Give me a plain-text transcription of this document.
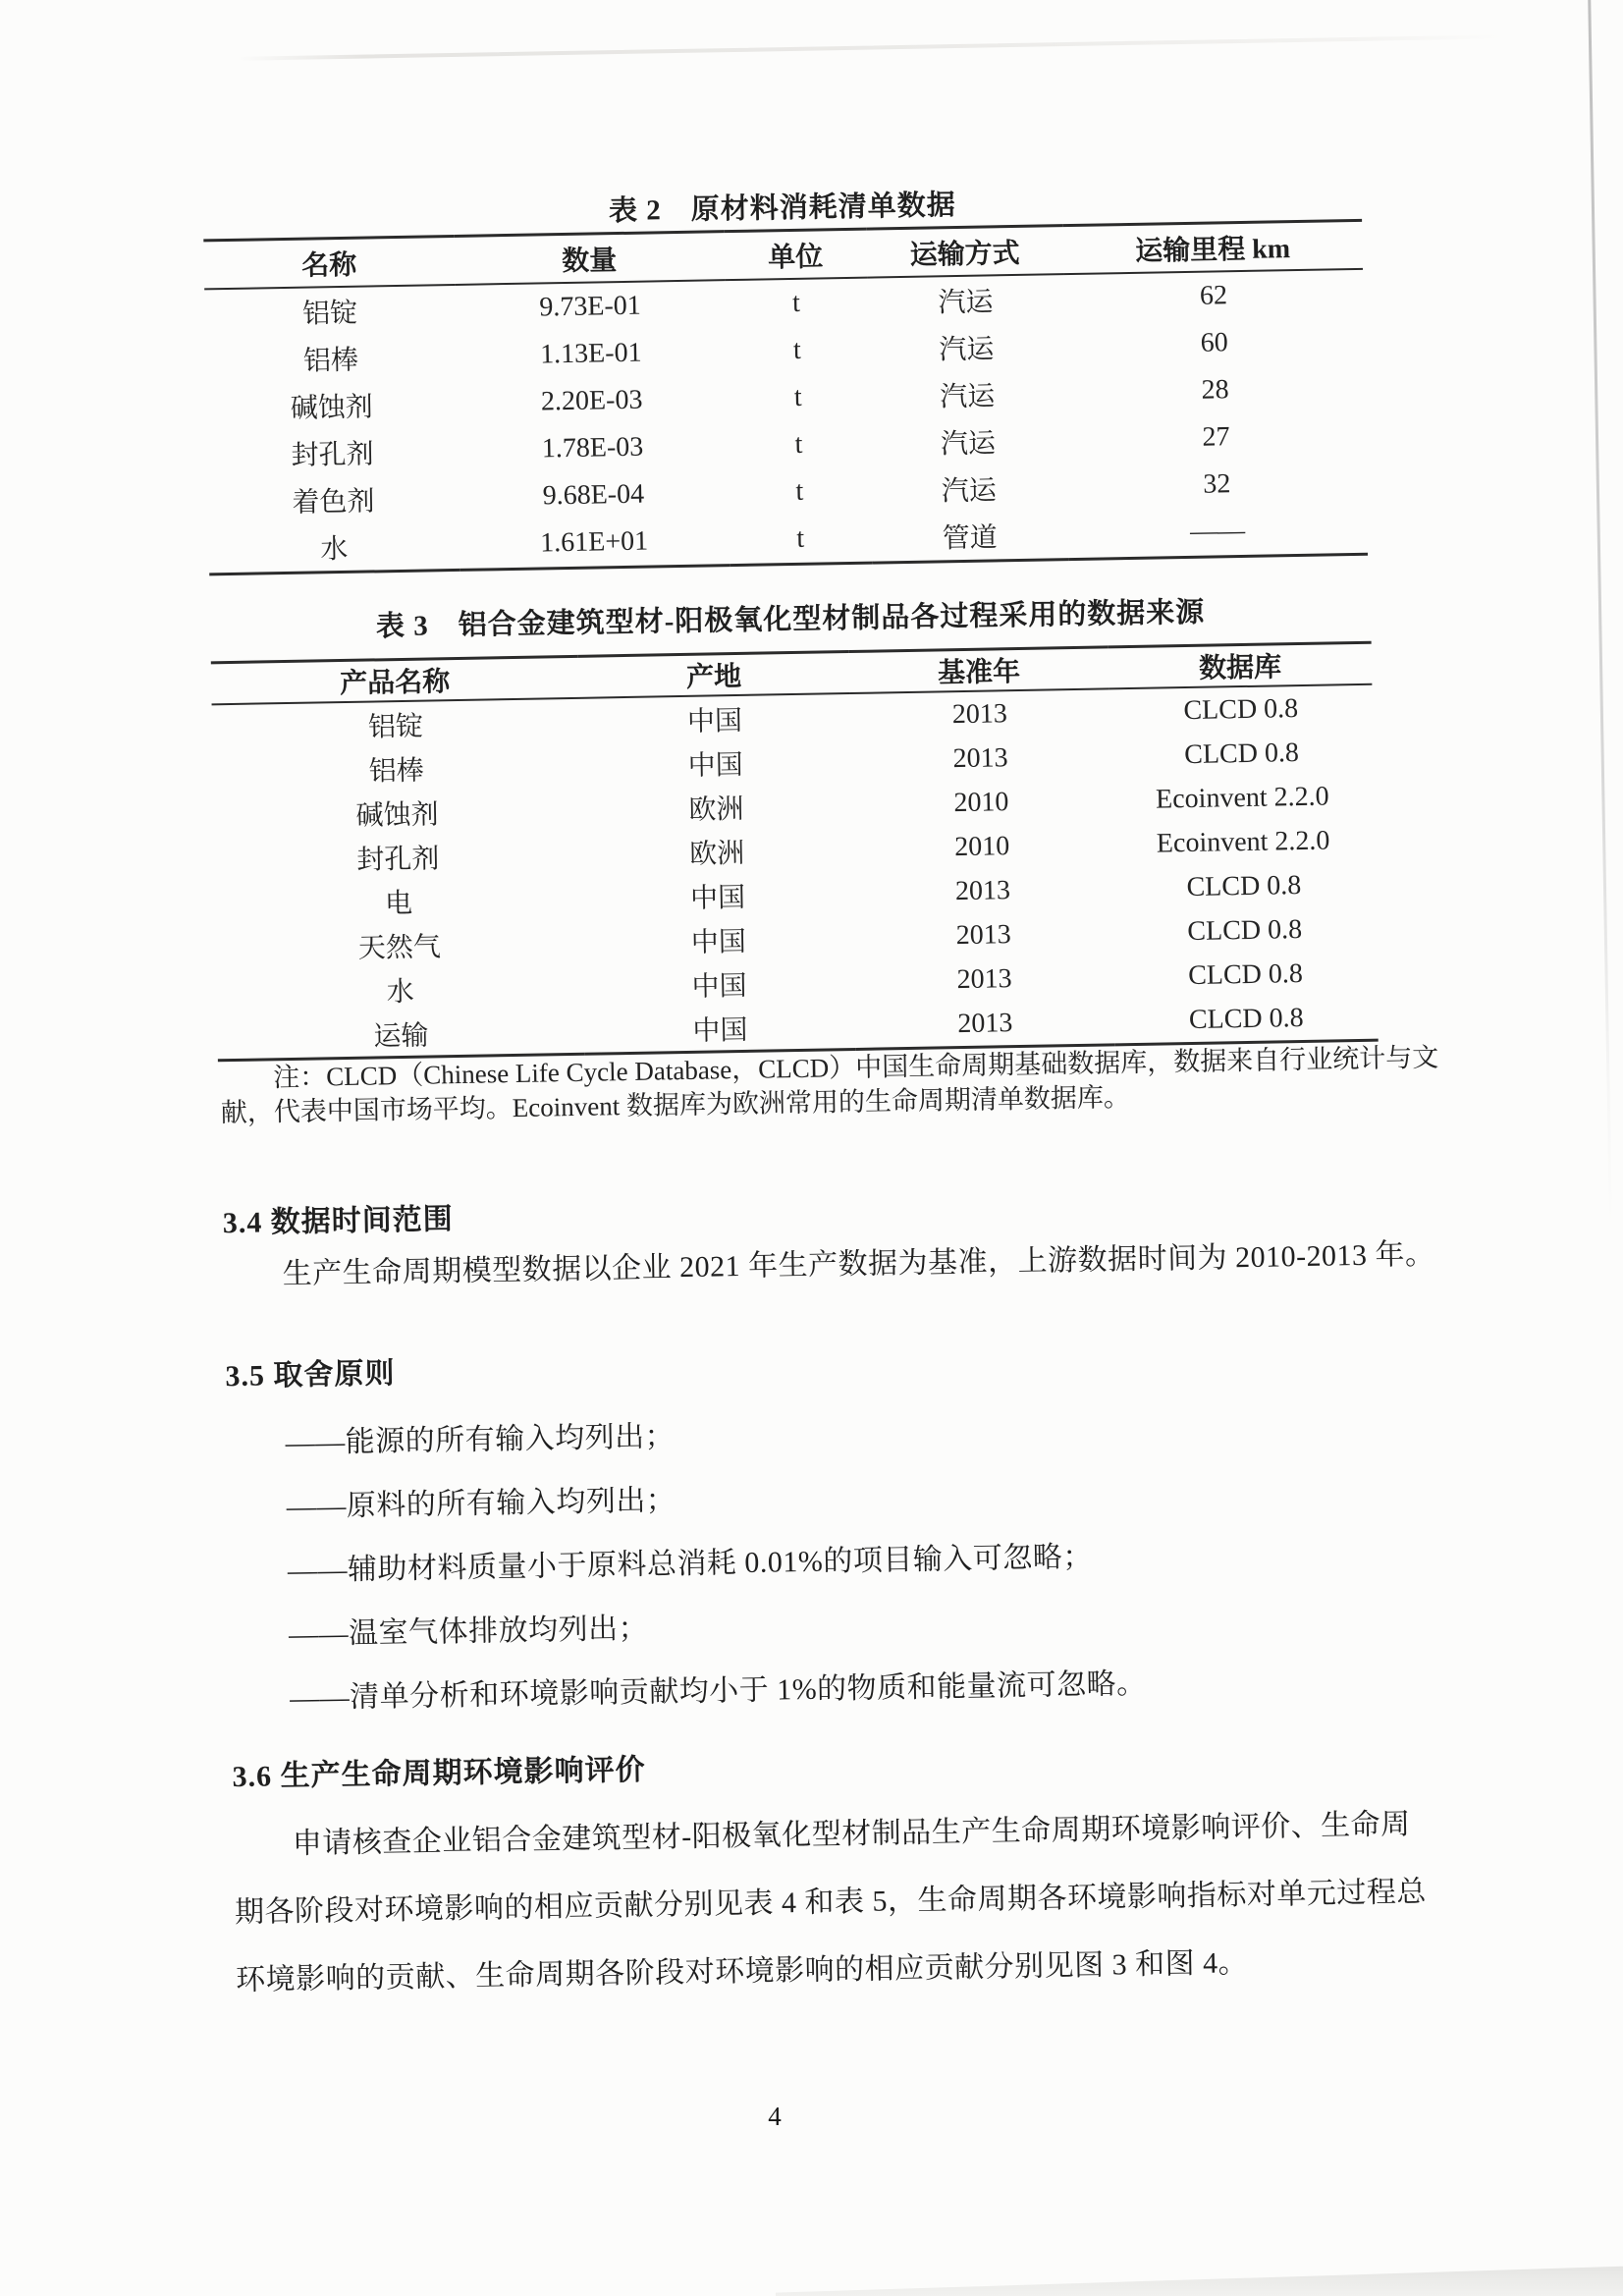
表 2　原材料消耗清单数据
名称	数量	单位	运输方式	运输里程 km
铝锭	9.73E-01	t	汽运	62
铝棒	1.13E-01	t	汽运	60
碱蚀剂	2.20E-03	t	汽运	28
封孔剂	1.78E-03	t	汽运	27
着色剂	9.68E-04	t	汽运	32
水	1.61E+01	t	管道	——
表 3　铝合金建筑型材-阳极氧化型材制品各过程采用的数据来源
产品名称	产地	基准年	数据库
铝锭	中国	2013	CLCD 0.8
铝棒	中国	2013	CLCD 0.8
碱蚀剂	欧洲	2010	Ecoinvent 2.2.0
封孔剂	欧洲	2010	Ecoinvent 2.2.0
电	中国	2013	CLCD 0.8
天然气	中国	2013	CLCD 0.8
水	中国	2013	CLCD 0.8
运输	中国	2013	CLCD 0.8
注：CLCD（Chinese Life Cycle Database，CLCD）中国生命周期基础数据库，数据来自行业统计与文
献，代表中国市场平均。Ecoinvent 数据库为欧洲常用的生命周期清单数据库。
3.4 数据时间范围
生产生命周期模型数据以企业 2021 年生产数据为基准，上游数据时间为 2010-2013 年。
3.5 取舍原则
——能源的所有输入均列出；
——原料的所有输入均列出；
——辅助材料质量小于原料总消耗 0.01%的项目输入可忽略；
——温室气体排放均列出；
——清单分析和环境影响贡献均小于 1%的物质和能量流可忽略。
3.6 生产生命周期环境影响评价
申请核查企业铝合金建筑型材-阳极氧化型材制品生产生命周期环境影响评价、生命周
期各阶段对环境影响的相应贡献分别见表 4 和表 5，生命周期各环境影响指标对单元过程总
环境影响的贡献、生命周期各阶段对环境影响的相应贡献分别见图 3 和图 4。
4
